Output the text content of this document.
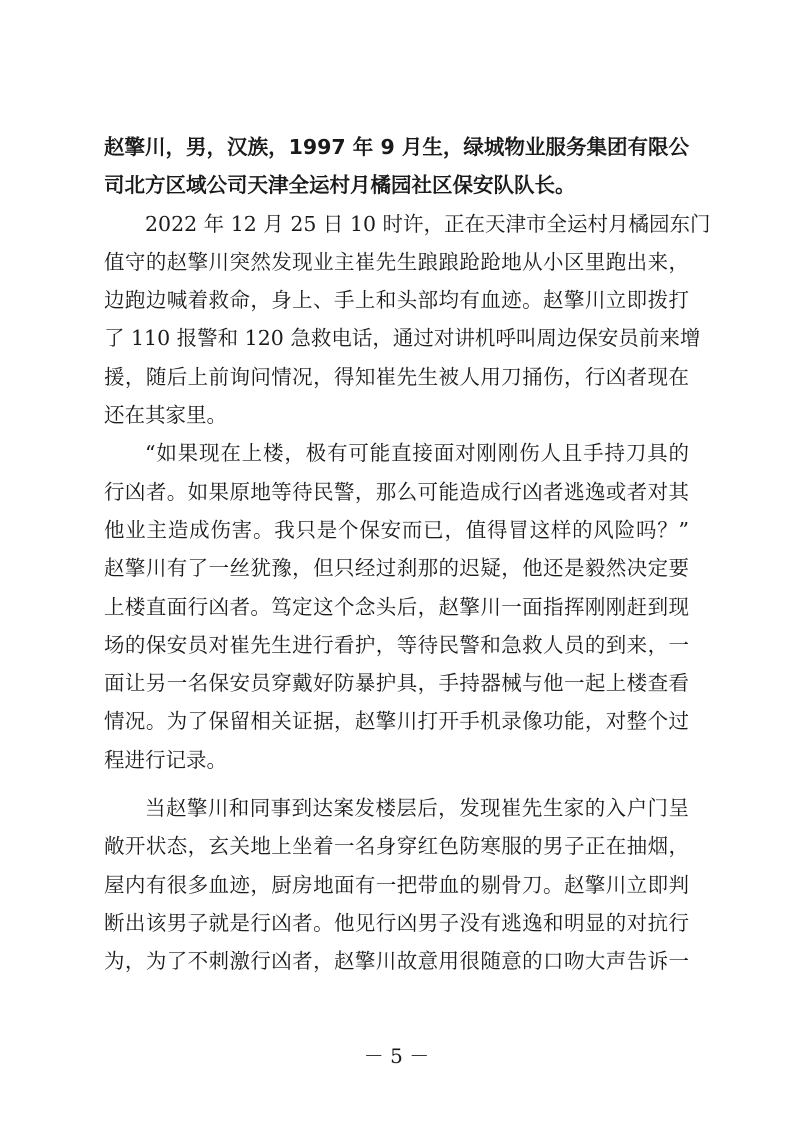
赵擎川，男，汉族，1997 年 9 月生，绿城物业服务集团有限公
司北方区域公司天津全运村月橘园社区保安队队长。
2022 年 12 月 25 日 10 时许，正在天津市全运村月橘园东门
值守的赵擎川突然发现业主崔先生踉踉跄跄地从小区里跑出来，
边跑边喊着救命，身上、手上和头部均有血迹。赵擎川立即拨打
了 110 报警和 120 急救电话，通过对讲机呼叫周边保安员前来增
援，随后上前询问情况，得知崔先生被人用刀捅伤，行凶者现在
还在其家里。
“如果现在上楼，极有可能直接面对刚刚伤人且手持刀具的
行凶者。如果原地等待民警，那么可能造成行凶者逃逸或者对其
他业主造成伤害。我只是个保安而已，值得冒这样的风险吗？”
赵擎川有了一丝犹豫，但只经过刹那的迟疑，他还是毅然决定要
上楼直面行凶者。笃定这个念头后，赵擎川一面指挥刚刚赶到现
场的保安员对崔先生进行看护，等待民警和急救人员的到来，一
面让另一名保安员穿戴好防暴护具，手持器械与他一起上楼查看
情况。为了保留相关证据，赵擎川打开手机录像功能，对整个过
程进行记录。
当赵擎川和同事到达案发楼层后，发现崔先生家的入户门呈
敞开状态，玄关地上坐着一名身穿红色防寒服的男子正在抽烟，
屋内有很多血迹，厨房地面有一把带血的剔骨刀。赵擎川立即判
断出该男子就是行凶者。他见行凶男子没有逃逸和明显的对抗行
为，为了不刺激行凶者，赵擎川故意用很随意的口吻大声告诉一
－ 5 －
